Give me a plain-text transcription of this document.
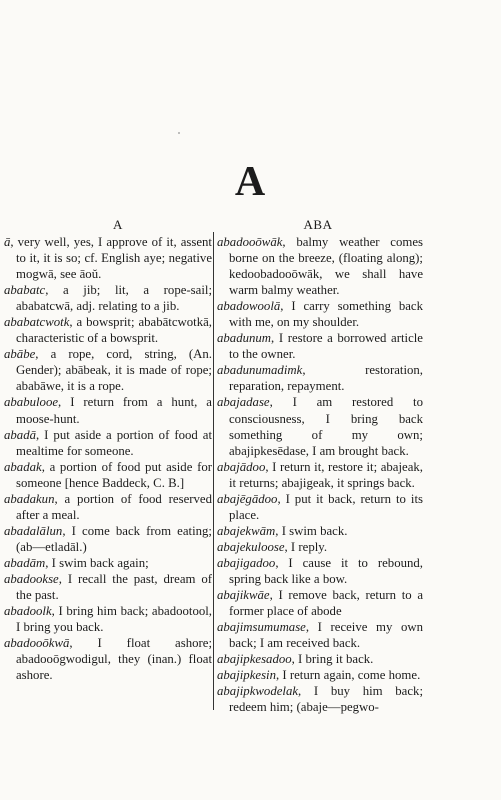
A
A	ABA
ā, very well, yes, I approve of it, assent to it, it is so; cf. English aye; negative mogwā, see āoŭ.
ababatc, a jib; lit, a rope-sail; ababatcwā, adj. relating to a jib.
ababatcwotk, a bowsprit; ababātcwotkā, characteristic of a bowsprit.
abābe, a rope, cord, string, (An. Gender); abābeak, it is made of rope; ababāwe, it is a rope.
ababulooe, I return from a hunt, a moose-hunt.
abadā, I put aside a portion of food at mealtime for someone.
abadak, a portion of food put aside for someone [hence Baddeck, C. B.]
abadakun, a portion of food reserved after a meal.
abadalālun, I come back from eating; (ab—etladāl.)
abadām, I swim back again;
abadookse, I recall the past, dream of the past.
abadoolk, I bring him back; abadootool, I bring you back.
abadooōkwā, I float ashore; abadooōgwodigul, they (inan.) float ashore.
abadooōwāk, balmy weather comes borne on the breeze, (floating along); kedoobadooōwāk, we shall have warm balmy weather.
abadowoolā, I carry something back with me, on my shoulder.
abadunum, I restore a borrowed article to the owner.
abadunumadimk, restoration, reparation, repayment.
abajadase, I am restored to consciousness, I bring back something of my own; abajipkesēdase, I am brought back.
abajādoo, I return it, restore it; abajeak, it returns; abajigeak, it springs back.
abajēgādoo, I put it back, return to its place.
abajekwām, I swim back.
abajekuloose, I reply.
abajigadoo, I cause it to rebound, spring back like a bow.
abajikwāe, I remove back, return to a former place of abode
abajimsumumase, I receive my own back; I am received back.
abajipkesadoo, I bring it back.
abajipkesin, I return again, come home.
abajipkwodelak, I buy him back; redeem him; (abaje—pegwo-
